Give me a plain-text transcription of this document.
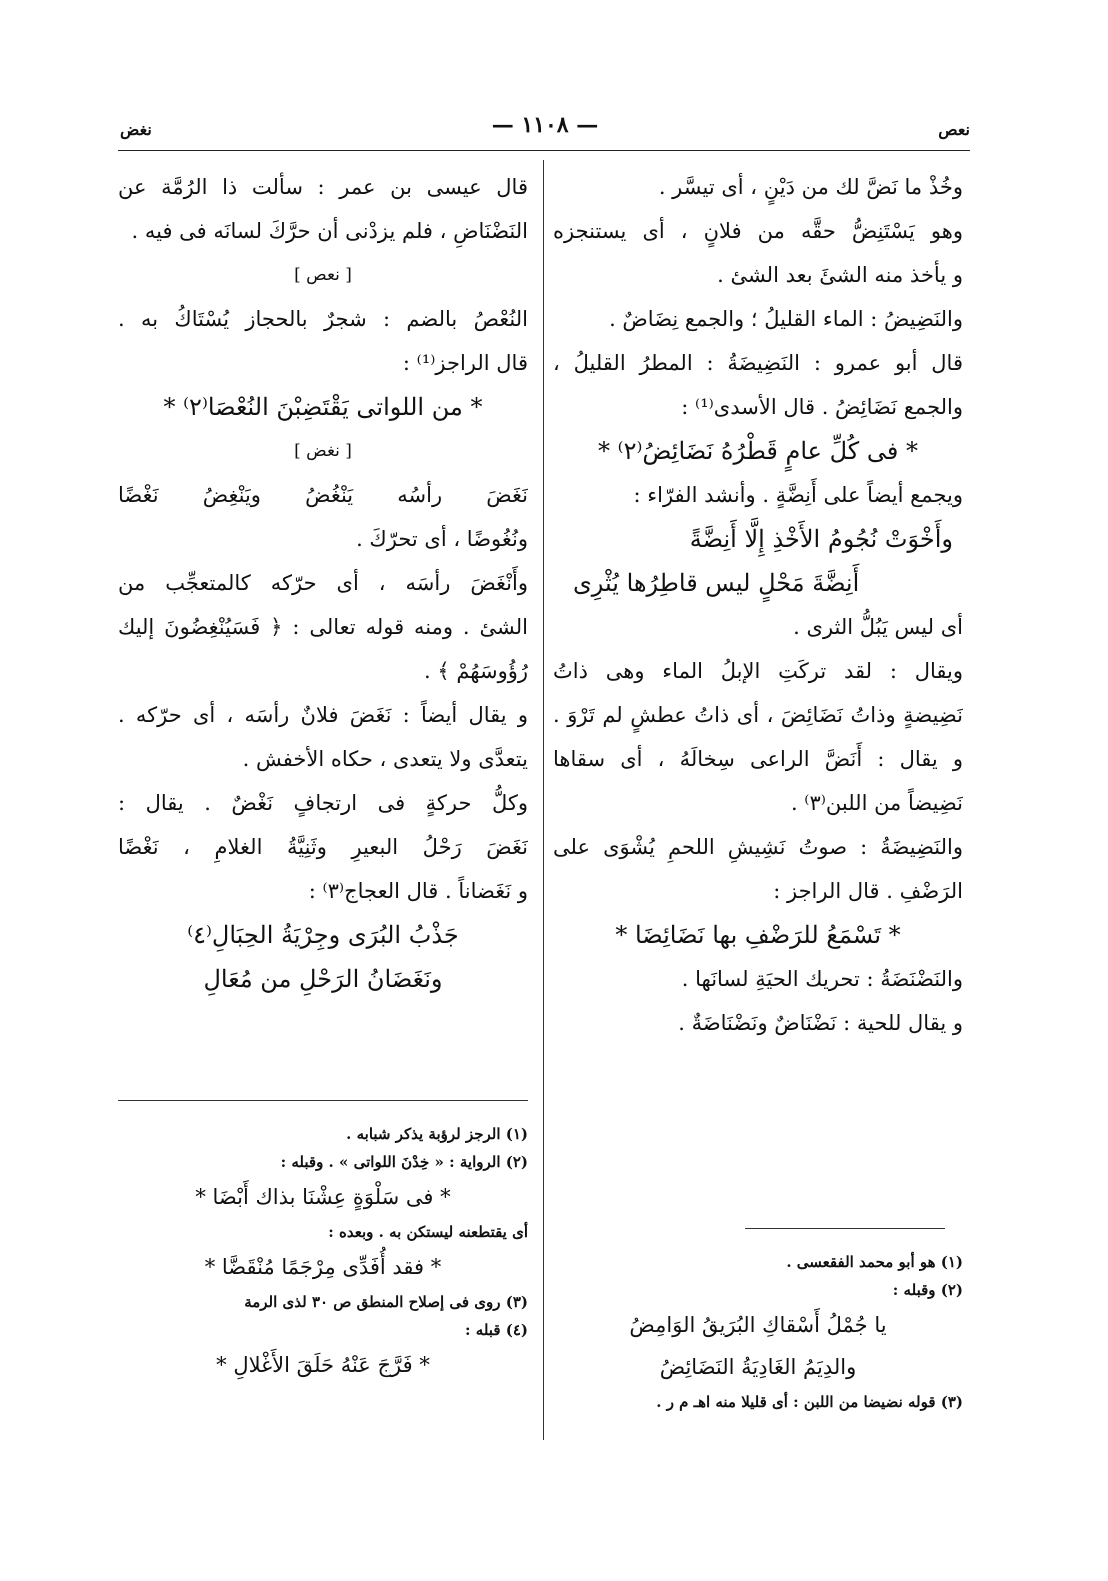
نعص
— ١١٠٨ —
نغض
وخُذْ ما نَضَّ لك من دَيْنٍ ، أى تيسَّر .
وهو يَسْتَنِضُّ حقَّه من فلانٍ ، أى يستنجزه
و يأخذ منه الشئَ بعد الشئ .
والنَضِيضُ : الماء القليلُ ؛ والجمع نِضَاضٌ .
قال أبو عمرو : النَضِيضَةُ : المطرُ القليلُ ،
والجمع نَضَائِضُ . قال الأسدى⁽¹⁾ :
* فى كُلِّ عامٍ قَطْرُهُ نَضَائِضُ⁽٢⁾ *
ويجمع أيضاً على أَنِضَّةٍ . وأنشد الفرّاء :
وأَخْوَتْ نُجُومُ الأَخْذِ إِلَّا أَنِضَّةً
أَنِضَّةَ مَحْلٍ ليس قاطِرُها يُثْرِى
أى ليس يَبُلُّ الثرى .
ويقال : لقد تركَتِ الإبلُ الماء وهى ذاتُ
نَضِيضةٍ وذاتُ نَضَائِضَ ، أى ذاتُ عطشٍ لم تَرْوَ .
و يقال : أَنَضَّ الراعى سِخالَهُ ، أى سقاها
نَضِيضاً من اللبن⁽٣⁾ .
والنَضِيضَةُ : صوتُ نَشِيشِ اللحمِ يُشْوَى على
الرَضْفِ . قال الراجز :
* تَسْمَعُ للرَضْفِ بها نَضَائِضَا *
والنَضْنَضَةُ : تحريك الحيَةِ لسانَها .
و يقال للحية : نَضْنَاضٌ ونَضْنَاضَةٌ .
(١) هو أبو محمد الفقعسى .
(٢) وقبله :
يا جُمْلُ أَسْقاكِ البُرَيقُ الوَامِضُ
والدِيَمُ الغَادِيَةُ النَضَائِضُ
(٣) قوله نضيضا من اللبن : أى قليلا منه اهـ م ر .
قال عيسى بن عمر : سألت ذا الرُمَّة عن
النَضْنَاضِ ، فلم يزدْنى أن حرَّكَ لسانَه فى فيه .
[ نعص ]
النُعْصُ بالضم : شجرٌ بالحجاز يُسْتَاكُ به .
قال الراجز⁽¹⁾ :
* من اللواتى يَقْتَضِبْنَ النُعْصَا⁽٢⁾ *
[ نغض ]
نَغَضَ رأسُه يَنْغُضُ ويَنْغِضُ نَغْضًا
ونُغُوضًا ، أى تحرّكَ .
وأَنْغَضَ رأسَه ، أى حرّكه كالمتعجِّب من
الشئ . ومنه قوله تعالى : ﴿ فَسَيُنْغِضُونَ إليك
رُؤُوسَهُمْ ﴾ .
و يقال أيضاً : نَغَضَ فلانٌ رأسَه ، أى حرّكه .
يتعدَّى ولا يتعدى ، حكاه الأخفش .
وكلُّ حركةٍ فى ارتجافٍ نَغْضٌ . يقال :
نَغَضَ رَحْلُ البعيرِ وثَنِيَّةُ الغلامِ ، نَغْضًا
و نَغَضاناً . قال العجاج⁽٣⁾ :
جَذْبُ البُرَى وجِرْيَةُ الحِبَالِ⁽٤⁾
ونَغَضَانُ الرَحْلِ من مُعَالِ
(١) الرجز لرؤبة يذكر شبابه .
(٢) الرواية : « خِدْنَ اللواتى » . وقبله :
* فى سَلْوَةٍ عِشْنَا بذاك أَبْضَا *
أى يقتطعنه ليستكن به . وبعده :
* فقد أُفَدِّى مِرْجَمًا مُنْقَضَّا *
(٣) روى فى إصلاح المنطق ص ٣٠ لذى الرمة
(٤) قبله :
* فَرَّجَ عَنْهُ حَلَقَ الأَغْلالِ *
